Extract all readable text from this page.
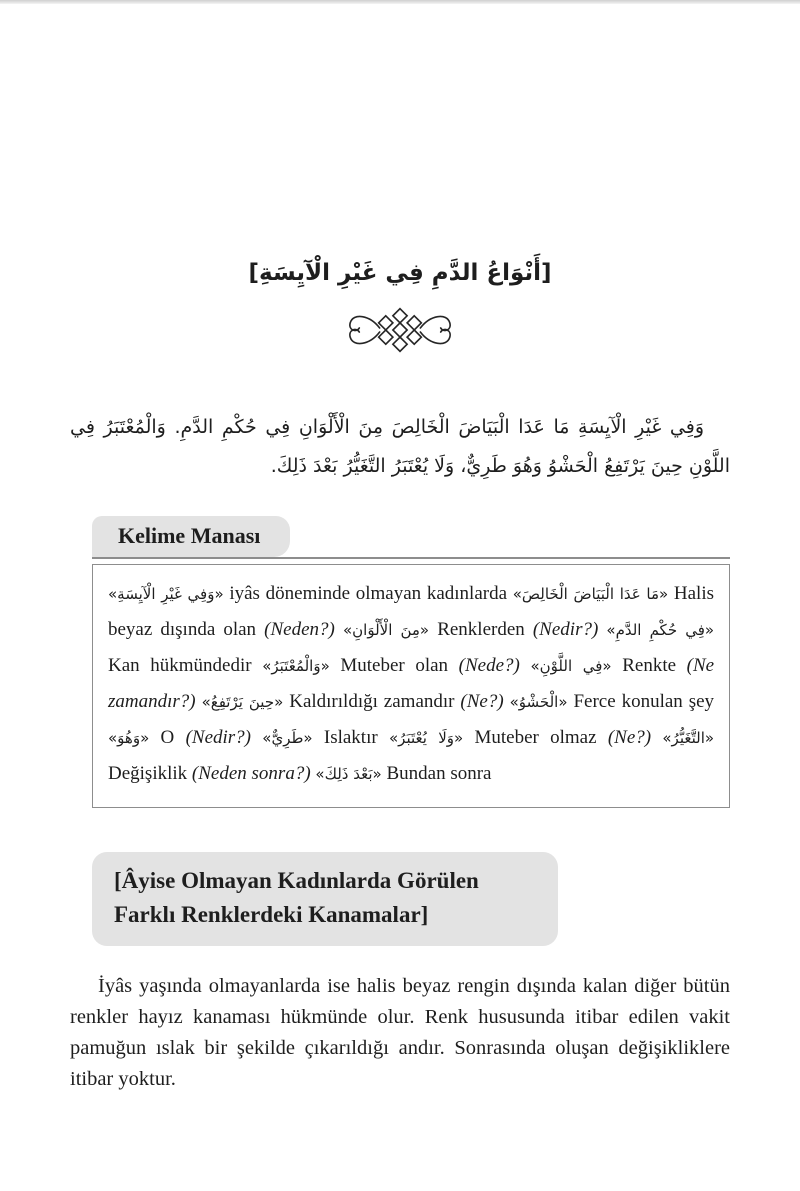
[أَنْوَاعُ الدَّمِ فِي غَيْرِ الْآيِسَةِ]

وَفِي غَيْرِ الْآيِسَةِ مَا عَدَا الْبَيَاضَ الْخَالِصَ مِنَ الْأَلْوَانِ فِي حُكْمِ الدَّمِ. وَالْمُعْتَبَرُ فِي اللَّوْنِ حِينَ يَرْتَفِعُ الْحَشْوُ وَهُوَ طَرِيٌّ، وَلَا يُعْتَبَرُ التَّغَيُّرُ بَعْدَ ذَلِكَ.

Kelime Manası
«وَفِي غَيْرِ الْآيِسَةِ» iyâs döneminde olmayan kadınlarda «مَا عَدَا الْبَيَاضَ الْخَالِصَ» Halis beyaz dışında olan (Neden?) «مِنَ الْأَلْوَانِ» Renklerden (Nedir?) «فِي حُكْمِ الدَّمِ» Kan hükmündedir «وَالْمُعْتَبَرُ» Muteber olan (Nede?) «فِي اللَّوْنِ» Renkte (Ne zamandır?) «حِينَ يَرْتَفِعُ» Kaldırıldığı zamandır (Ne?) «الْحَشْوُ» Ferce konulan şey «وَهُوَ» O (Nedir?) «طَرِيٌّ» Islaktır «وَلَا يُعْتَبَرُ» Muteber olmaz (Ne?) «التَّغَيُّرُ» Değişiklik (Neden sonra?) «بَعْدَ ذَلِكَ» Bundan sonra
[Âyise Olmayan Kadınlarda Görülen Farklı Renklerdeki Kanamalar]

İyâs yaşında olmayanlarda ise halis beyaz rengin dışında kalan diğer bütün renkler hayız kanaması hükmünde olur. Renk hususunda itibar edilen vakit pamuğun ıslak bir şekilde çıkarıldığı andır. Sonrasında oluşan değişikliklere itibar yoktur.
